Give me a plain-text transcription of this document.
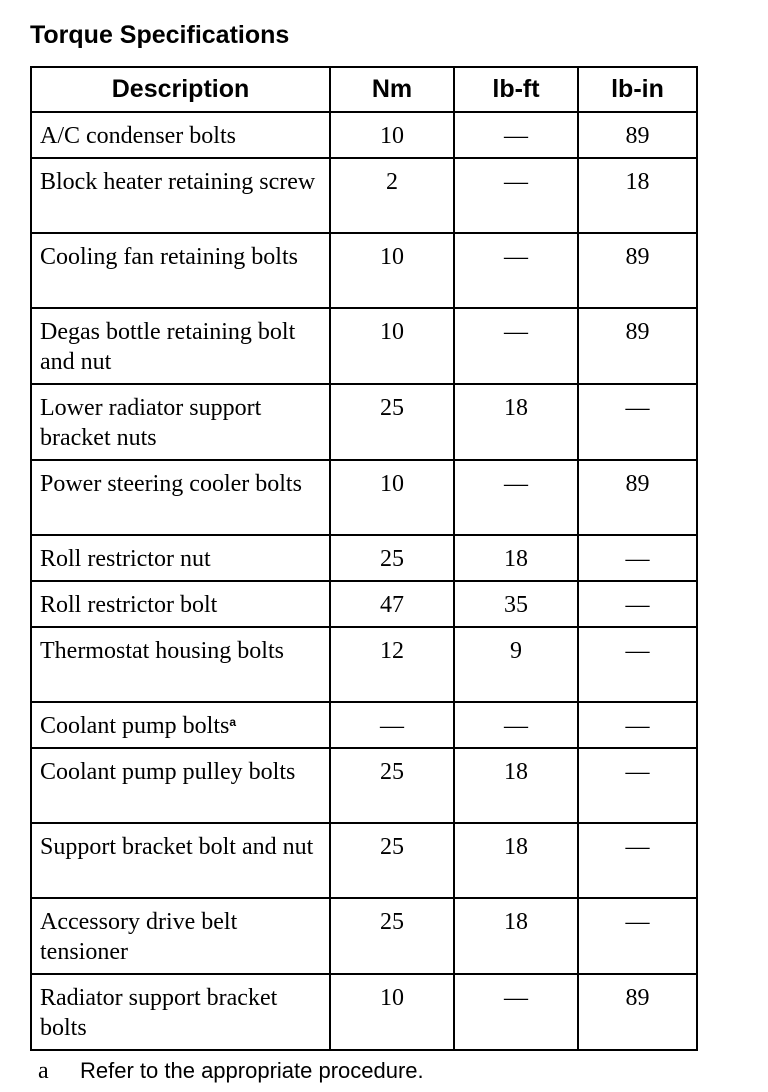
Torque Specifications
Description	Nm	lb-ft	lb-in
A/C condenser bolts	10	—	89
Block heater retaining screw	2	—	18
Cooling fan retaining bolts	10	—	89
Degas bottle retaining bolt and nut	10	—	89
Lower radiator support bracket nuts	25	18	—
Power steering cooler bolts	10	—	89
Roll restrictor nut	25	18	—
Roll restrictor bolt	47	35	—
Thermostat housing bolts	12	9	—
Coolant pump bolts$^a$	—	—	—
Coolant pump pulley bolts	25	18	—
Support bracket bolt and nut	25	18	—
Accessory drive belt tensioner	25	18	—
Radiator support bracket bolts	10	—	89
a Refer to the appropriate procedure.
